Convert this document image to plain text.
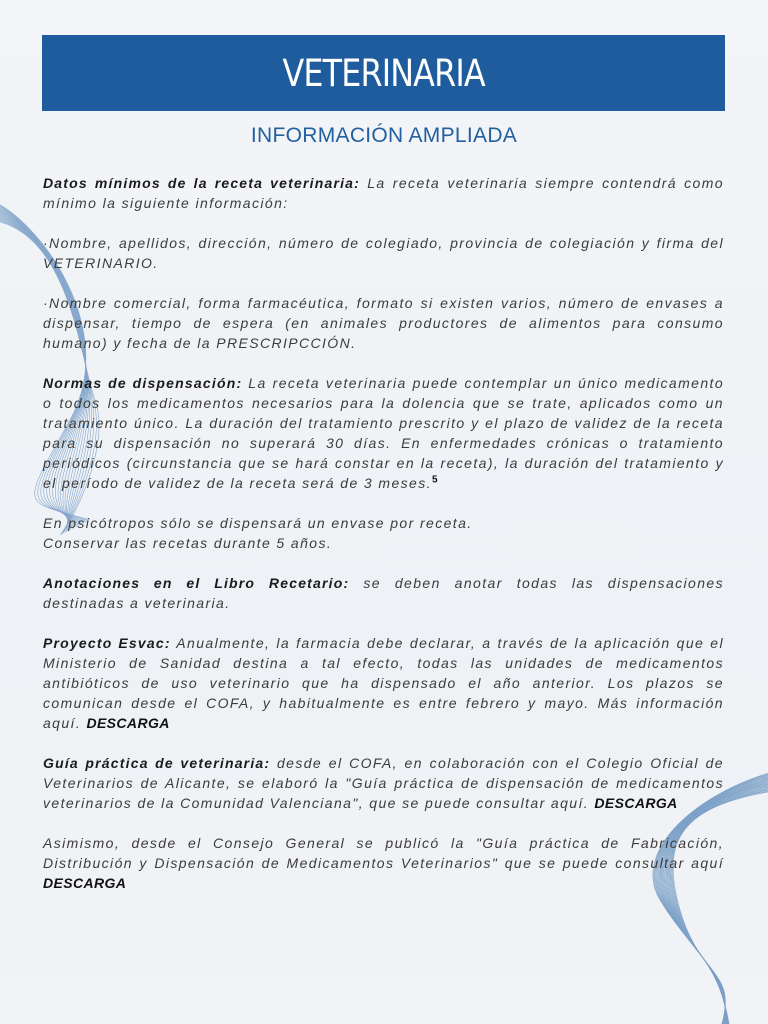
VETERINARIA
INFORMACIÓN AMPLIADA

Datos mínimos de la receta veterinaria: La receta veterinaria siempre contendrá como mínimo la siguiente información:

·Nombre, apellidos, dirección, número de colegiado, provincia de colegiación y firma del VETERINARIO.

·Nombre comercial, forma farmacéutica, formato si existen varios, número de envases a dispensar, tiempo de espera (en animales productores de alimentos para consumo humano) y fecha de la PRESCRIPCCIÓN.

Normas de dispensación: La receta veterinaria puede contemplar un único medicamento o todos los medicamentos necesarios para la dolencia que se trate, aplicados como un tratamiento único. La duración del tratamiento prescrito y el plazo de validez de la receta para su dispensación no superará 30 días. En enfermedades crónicas o tratamiento periódicos (circunstancia que se hará constar en la receta), la duración del tratamiento y el período de validez de la receta será de 3 meses.$^5$

En psicótropos sólo se dispensará un envase por receta.

Conservar las recetas durante 5 años.

Anotaciones en el Libro Recetario: se deben anotar todas las dispensaciones destinadas a veterinaria.

Proyecto Esvac: Anualmente, la farmacia debe declarar, a través de la aplicación que el Ministerio de Sanidad destina a tal efecto, todas las unidades de medicamentos antibióticos de uso veterinario que ha dispensado el año anterior. Los plazos se comunican desde el COFA, y habitualmente es entre febrero y mayo. Más información aquí. DESCARGA

Guía práctica de veterinaria: desde el COFA, en colaboración con el Colegio Oficial de Veterinarios de Alicante, se elaboró la "Guía práctica de dispensación de medicamentos veterinarios de la Comunidad Valenciana", que se puede consultar aquí. DESCARGA

Asimismo, desde el Consejo General se publicó la "Guía práctica de Fabricación, Distribución y Dispensación de Medicamentos Veterinarios" que se puede consultar aquí DESCARGA
